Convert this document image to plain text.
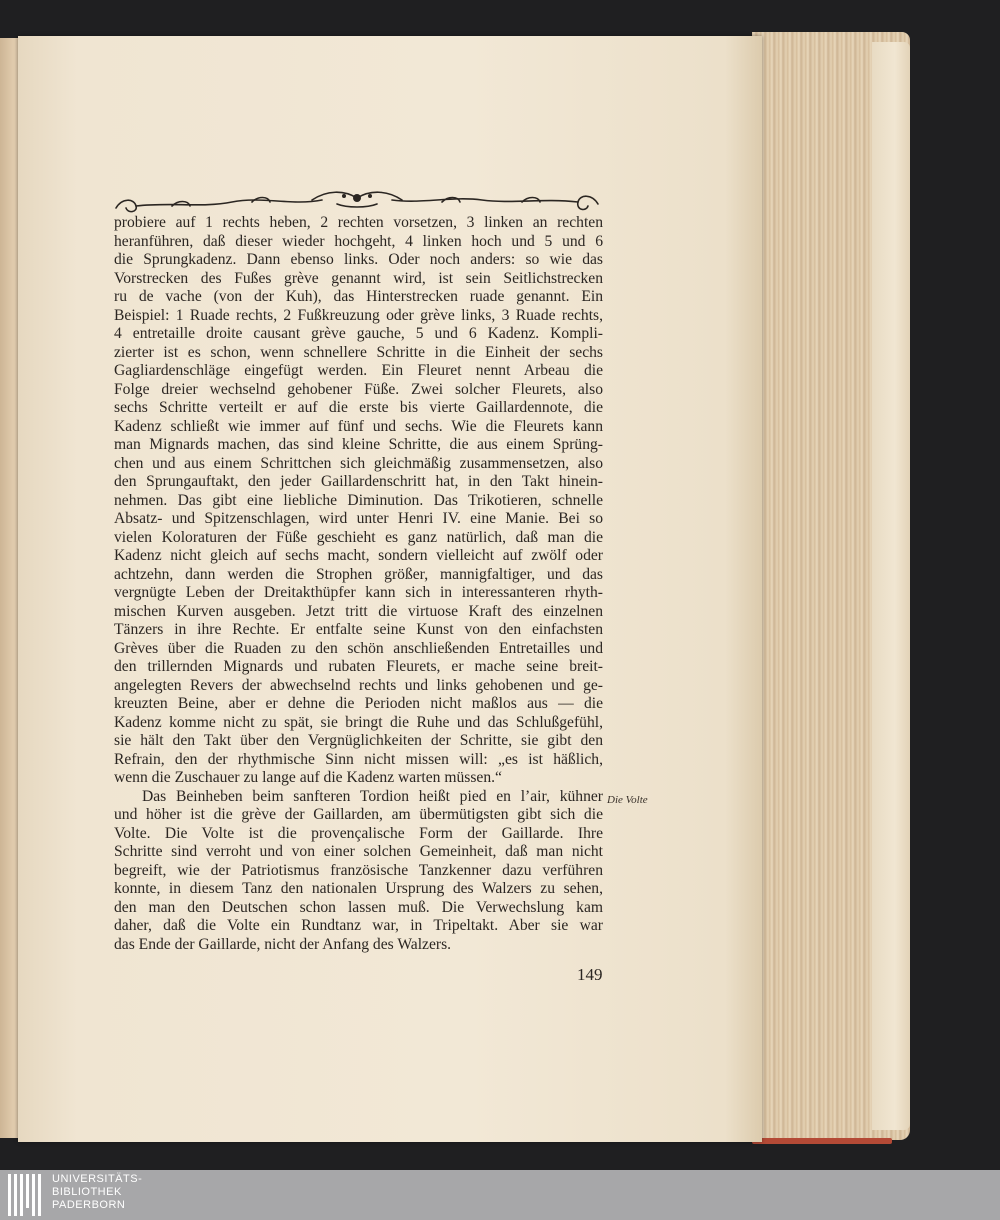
probiere auf 1 rechts heben, 2 rechten vorsetzen, 3 linken an rechten
heranführen, daß dieser wieder hochgeht, 4 linken hoch und 5 und 6
die Sprungkadenz. Dann ebenso links. Oder noch anders: so wie das
Vorstrecken des Fußes grève genannt wird, ist sein Seitlichstrecken
ru de vache (von der Kuh), das Hinterstrecken ruade genannt. Ein
Beispiel: 1 Ruade rechts, 2 Fußkreuzung oder grève links, 3 Ruade rechts,
4 entretaille droite causant grève gauche, 5 und 6 Kadenz. Kompli-
zierter ist es schon, wenn schnellere Schritte in die Einheit der sechs
Gagliardenschläge eingefügt werden. Ein Fleuret nennt Arbeau die
Folge dreier wechselnd gehobener Füße. Zwei solcher Fleurets, also
sechs Schritte verteilt er auf die erste bis vierte Gaillardennote, die
Kadenz schließt wie immer auf fünf und sechs. Wie die Fleurets kann
man Mignards machen, das sind kleine Schritte, die aus einem Sprüng-
chen und aus einem Schrittchen sich gleichmäßig zusammensetzen, also
den Sprungauftakt, den jeder Gaillardenschritt hat, in den Takt hinein-
nehmen. Das gibt eine liebliche Diminution. Das Trikotieren, schnelle
Absatz- und Spitzenschlagen, wird unter Henri IV. eine Manie. Bei so
vielen Koloraturen der Füße geschieht es ganz natürlich, daß man die
Kadenz nicht gleich auf sechs macht, sondern vielleicht auf zwölf oder
achtzehn, dann werden die Strophen größer, mannigfaltiger, und das
vergnügte Leben der Dreitakthüpfer kann sich in interessanteren rhyth-
mischen Kurven ausgeben. Jetzt tritt die virtuose Kraft des einzelnen
Tänzers in ihre Rechte. Er entfalte seine Kunst von den einfachsten
Grèves über die Ruaden zu den schön anschließenden Entretailles und
den trillernden Mignards und rubaten Fleurets, er mache seine breit-
angelegten Revers der abwechselnd rechts und links gehobenen und ge-
kreuzten Beine, aber er dehne die Perioden nicht maßlos aus — die
Kadenz komme nicht zu spät, sie bringt die Ruhe und das Schlußgefühl,
sie hält den Takt über den Vergnüglichkeiten der Schritte, sie gibt den
Refrain, den der rhythmische Sinn nicht missen will: „es ist häßlich,
wenn die Zuschauer zu lange auf die Kadenz warten müssen.“
Das Beinheben beim sanfteren Tordion heißt pied en l’air, kühner
und höher ist die grève der Gaillarden, am übermütigsten gibt sich die
Volte. Die Volte ist die provençalische Form der Gaillarde. Ihre
Schritte sind verroht und von einer solchen Gemeinheit, daß man nicht
begreift, wie der Patriotismus französische Tanzkenner dazu verführen
konnte, in diesem Tanz den nationalen Ursprung des Walzers zu sehen,
den man den Deutschen schon lassen muß. Die Verwechslung kam
daher, daß die Volte ein Rundtanz war, in Tripeltakt. Aber sie war
das Ende der Gaillarde, nicht der Anfang des Walzers.
Die Volte
149
UNIVERSITÄTS-
BIBLIOTHEK
PADERBORN
